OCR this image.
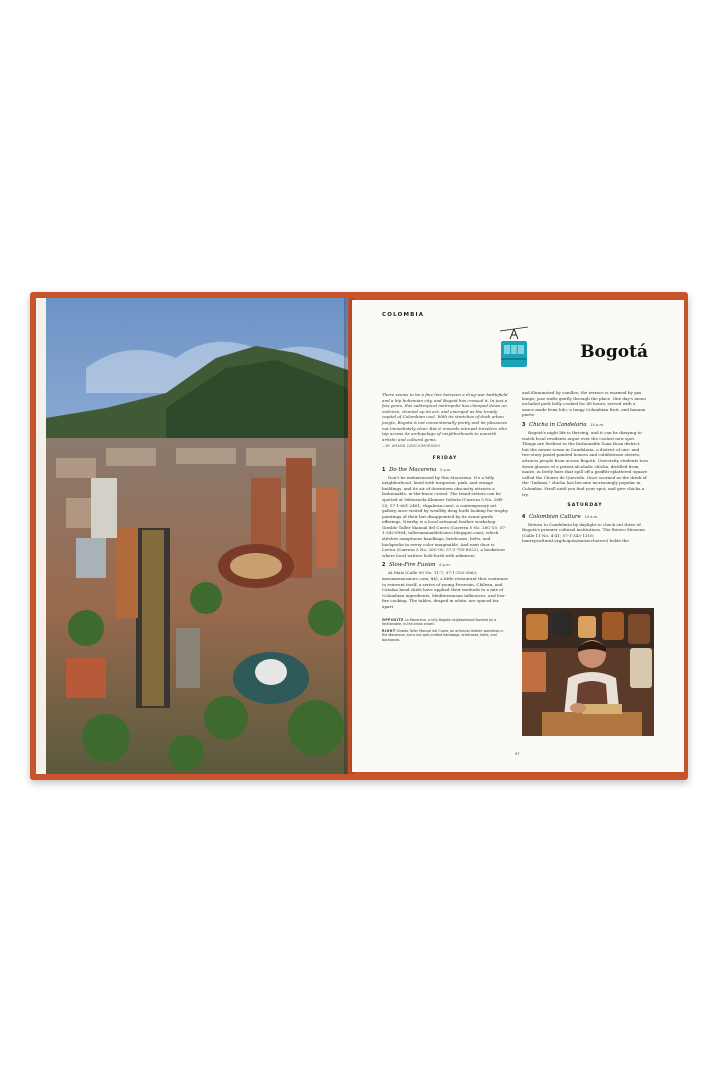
COLOMBIA
Bogotá

There seems to be a fine line between a drug-war battlefield and a hip bohemian city, and Bogotá has crossed it. In just a few years, this subtropical metropolis has clamped down on violence, cleaned up its act, and emerged as the trendy capital of Colombian cool. With its stretches of drab urban jungle, Bogotá is not conventionally pretty and its pleasures not immediately clear. But it rewards intrepid travelers who tap across its archipelago of neighborhoods to unearth artistic and cultural gems.

—BY AMAND JUDICHIMORSNIO

FRIDAY
1 Do the Macarena 5 p.m.

Don't be embarrassed by this Macarena. It's a hilly neighborhood, lined with turquoise, pink, and orange buildings, and its air of downtown obscurity attracts a fashionable, in-the-know crowd. The trend-setters can be spotted at Valenzuela Klenner Galería (Carrera 5 No. 26B-25; 57-1-661-2461; vkgaleria.com), a contemporary art gallery once visited by wealthy drug lords looking for trophy paintings of their but disappointed by its avant-garde offerings. Nearby is a local artisanal leather workshop, Giraldo Taller Manual del Cuero (Carrera 5 No. 26C-15; 57-1-342-6964; tallermanualdelcuero.blogspot.com), which stitches sumptuous handbags, briefcases, belts, and backpacks in every color imaginable. And next door is Lovica (Carrera 5 No. 26C-00; 57-1-753-8022), a bookstore where local writers hold forth with admirers.

2 Slow-Fire Fusion 8 p.m.

At Maíz (Calle 95 No. 11-7; 57-1-320-2663; mesiamexicanorc.com; $$), a little restaurant that continues to reinvent itself, a series of young Peruvian, Chilean, and Catalan head chefs have applied their methods to a mix of Colombian ingredients, Mediterranean influences, and low-fire cooking. The tables, draped in white, are spaced far apart

OPPOSITE La Macarena, a hilly Bogotá neighborhood favored by a fashionable, in-the-know crowd.

RIGHT Giraldo Taller Manual del Cuero, an artisanal leather workshop in the Macarena, turns out well-crafted handbags, briefcases, belts, and backpacks.

and illuminated by candles; the terrace is warmed by gas lamps; jazz wafts gently through the place. One day's menu included pork belly cooked for 48 hours, served with a sauce made from lulo, a tangy Colombian fruit, and banana purée.

3 Chicha in Candelaria 10 p.m.

Bogotá's night life is thriving, and it can be dizzying to watch local residents argue over the coolest new spot. Things are liveliest in the fashionable Zona Rosa district, but the newer scene in Candelaria, a district of one- and two-story pastel-painted houses and cobblestone streets, attracts people from across Bogotá. University students toss down glasses of a potent alcoholic chicha, distilled from maize, in lively bars that spill off a graffiti-splattered square called the Chorro de Quevedo. Once scorned as the drink of the "Indians," chicha has become increasingly popular in Colombia. Stroll until you find your spot, and give chicha a try.

SATURDAY
4 Colombian Culture 10 a.m.

Return to Candelaria by daylight to check out three of Bogotá's premier cultural institutions. The Botero Museum (Calle 11 No. 4-41; 57-1-343-1316; banrepcultural.org/bogota/museo-botero) holds the

97
